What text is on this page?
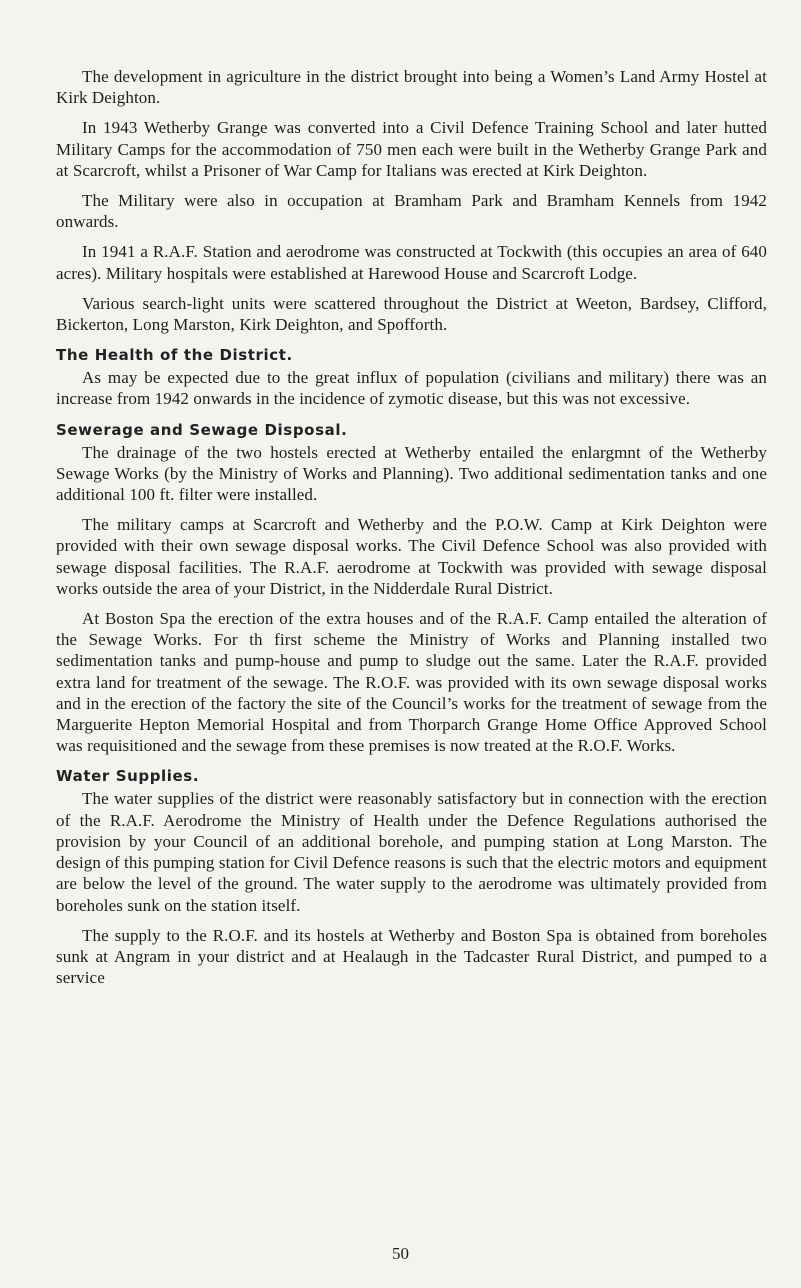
The development in agriculture in the district brought into being a Women’s Land Army Hostel at Kirk Deighton.

In 1943 Wetherby Grange was converted into a Civil Defence Training School and later hutted Military Camps for the accommodation of 750 men each were built in the Wetherby Grange Park and at Scarcroft, whilst a Prisoner of War Camp for Italians was erected at Kirk Deighton.

The Military were also in occupation at Bramham Park and Bramham Kennels from 1942 onwards.

In 1941 a R.A.F. Station and aerodrome was constructed at Tockwith (this occupies an area of 640 acres). Military hospitals were established at Harewood House and Scarcroft Lodge.

Various search-light units were scattered throughout the District at Weeton, Bardsey, Clifford, Bickerton, Long Marston, Kirk Deighton, and Spofforth.

The Health of the District.

As may be expected due to the great influx of population (civilians and military) there was an increase from 1942 onwards in the incidence of zymotic disease, but this was not excessive.

Sewerage and Sewage Disposal.

The drainage of the two hostels erected at Wetherby entailed the enlargmnt of the Wetherby Sewage Works (by the Ministry of Works and Planning). Two additional sedimentation tanks and one additional 100 ft. filter were installed.

The military camps at Scarcroft and Wetherby and the P.O.W. Camp at Kirk Deighton were provided with their own sewage disposal works. The Civil Defence School was also provided with sewage disposal facilities. The R.A.F. aerodrome at Tockwith was provided with sewage disposal works outside the area of your District, in the Nidderdale Rural District.

At Boston Spa the erection of the extra houses and of the R.A.F. Camp entailed the alteration of the Sewage Works. For th first scheme the Ministry of Works and Planning installed two sedimentation tanks and pump-house and pump to sludge out the same. Later the R.A.F. provided extra land for treatment of the sewage. The R.O.F. was provided with its own sewage disposal works and in the erection of the factory the site of the Council’s works for the treatment of sewage from the Marguerite Hepton Memorial Hospital and from Thorparch Grange Home Office Approved School was requisitioned and the sewage from these premises is now treated at the R.O.F. Works.

Water Supplies.

The water supplies of the district were reasonably satisfactory but in connection with the erection of the R.A.F. Aerodrome the Ministry of Health under the Defence Regulations authorised the provision by your Council of an additional borehole, and pumping station at Long Marston. The design of this pumping station for Civil Defence reasons is such that the electric motors and equipment are below the level of the ground. The water supply to the aerodrome was ultimately provided from boreholes sunk on the station itself.

The supply to the R.O.F. and its hostels at Wetherby and Boston Spa is obtained from boreholes sunk at Angram in your district and at Healaugh in the Tadcaster Rural District, and pumped to a service

50
